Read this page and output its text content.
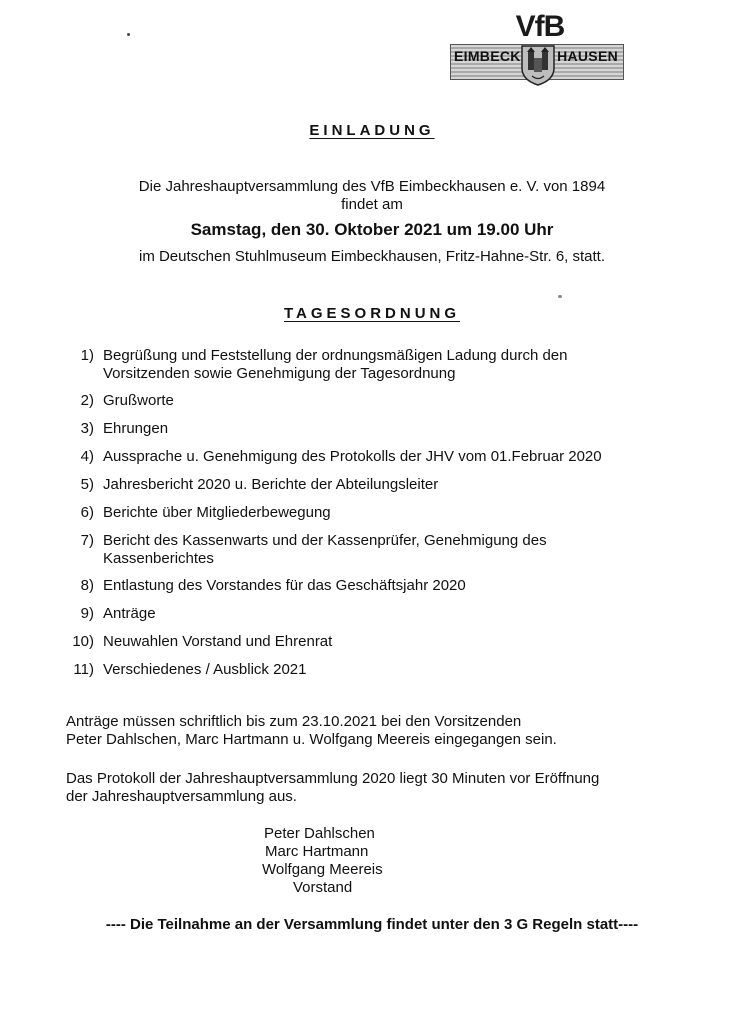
VfB
EIMBECK	HAUSEN
EINLADUNG
Die Jahreshauptversammlung des VfB Eimbeckhausen e. V. von 1894
findet am
Samstag, den 30. Oktober 2021 um 19.00 Uhr
im Deutschen Stuhlmuseum Eimbeckhausen, Fritz-Hahne-Str. 6, statt.
TAGESORDNUNG
1) Begrüßung und Feststellung der ordnungsmäßigen Ladung durch den
Vorsitzenden sowie Genehmigung der Tagesordnung
2) Grußworte
3) Ehrungen
4) Aussprache u. Genehmigung des Protokolls der JHV vom 01.Februar 2020
5) Jahresbericht 2020 u. Berichte der Abteilungsleiter
6) Berichte über Mitgliederbewegung
7) Bericht des Kassenwarts und der Kassenprüfer, Genehmigung des
Kassenberichtes
8) Entlastung des Vorstandes für das Geschäftsjahr 2020
9) Anträge
10) Neuwahlen Vorstand und Ehrenrat
11) Verschiedenes / Ausblick 2021
Anträge müssen schriftlich bis zum 23.10.2021 bei den Vorsitzenden
Peter Dahlschen, Marc Hartmann u. Wolfgang Meereis eingegangen sein.
Das Protokoll der Jahreshauptversammlung 2020 liegt 30 Minuten vor Eröffnung
der Jahreshauptversammlung aus.
Peter Dahlschen
Marc Hartmann
Wolfgang Meereis
Vorstand
---- Die Teilnahme an der Versammlung findet unter den 3 G Regeln statt----
